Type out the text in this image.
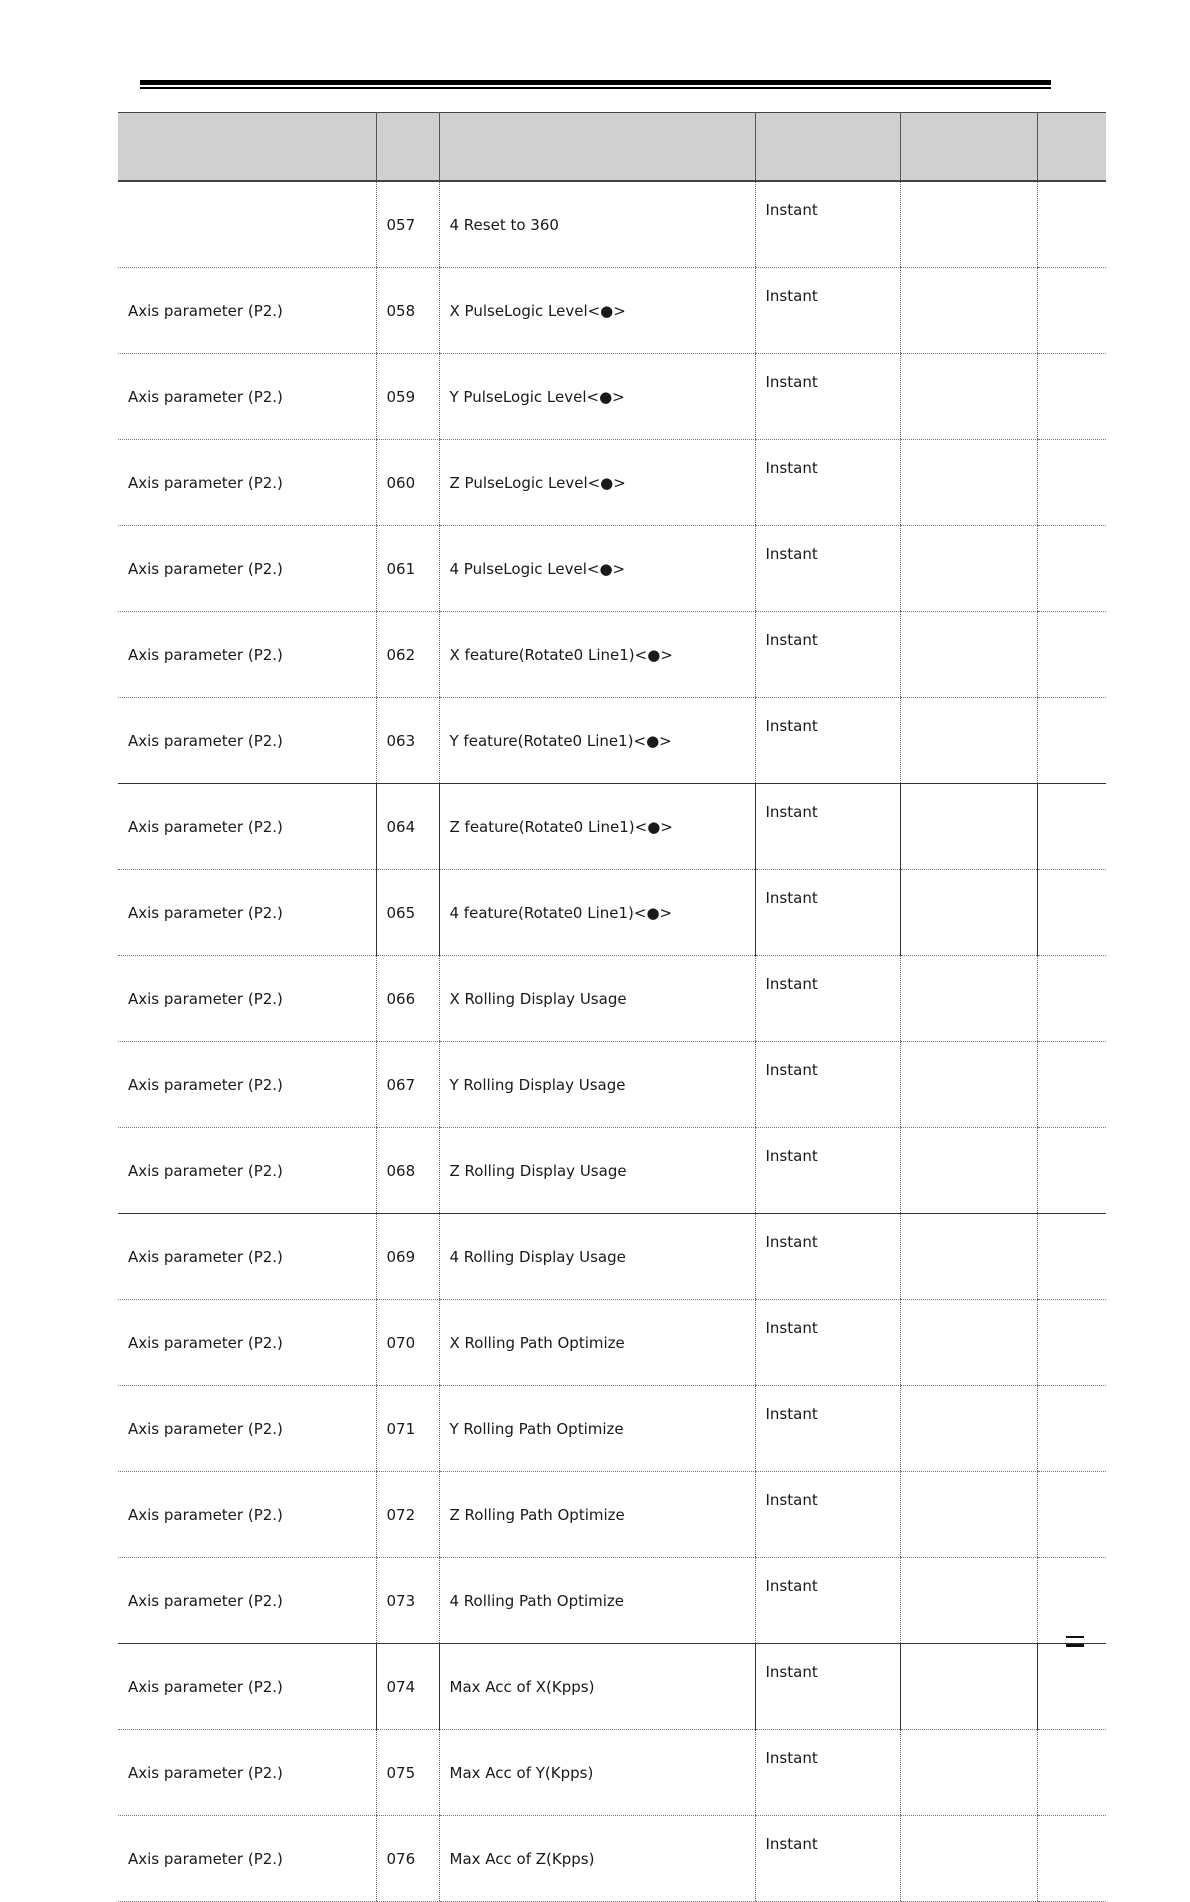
	057	4 Reset to 360	Instant		
Axis parameter (P2.)	058	X PulseLogic Level<●>	Instant		
Axis parameter (P2.)	059	Y PulseLogic Level<●>	Instant		
Axis parameter (P2.)	060	Z PulseLogic Level<●>	Instant		
Axis parameter (P2.)	061	4 PulseLogic Level<●>	Instant		
Axis parameter (P2.)	062	X feature(Rotate0 Line1)<●>	Instant		
Axis parameter (P2.)	063	Y feature(Rotate0 Line1)<●>	Instant		
Axis parameter (P2.)	064	Z feature(Rotate0 Line1)<●>	Instant		
Axis parameter (P2.)	065	4 feature(Rotate0 Line1)<●>	Instant		
Axis parameter (P2.)	066	X Rolling Display Usage	Instant		
Axis parameter (P2.)	067	Y Rolling Display Usage	Instant		
Axis parameter (P2.)	068	Z Rolling Display Usage	Instant		
Axis parameter (P2.)	069	4 Rolling Display Usage	Instant		
Axis parameter (P2.)	070	X Rolling Path Optimize	Instant		
Axis parameter (P2.)	071	Y Rolling Path Optimize	Instant		
Axis parameter (P2.)	072	Z Rolling Path Optimize	Instant		
Axis parameter (P2.)	073	4 Rolling Path Optimize	Instant		
Axis parameter (P2.)	074	Max Acc of X(Kpps)	Instant		
Axis parameter (P2.)	075	Max Acc of Y(Kpps)	Instant		
Axis parameter (P2.)	076	Max Acc of Z(Kpps)	Instant		
